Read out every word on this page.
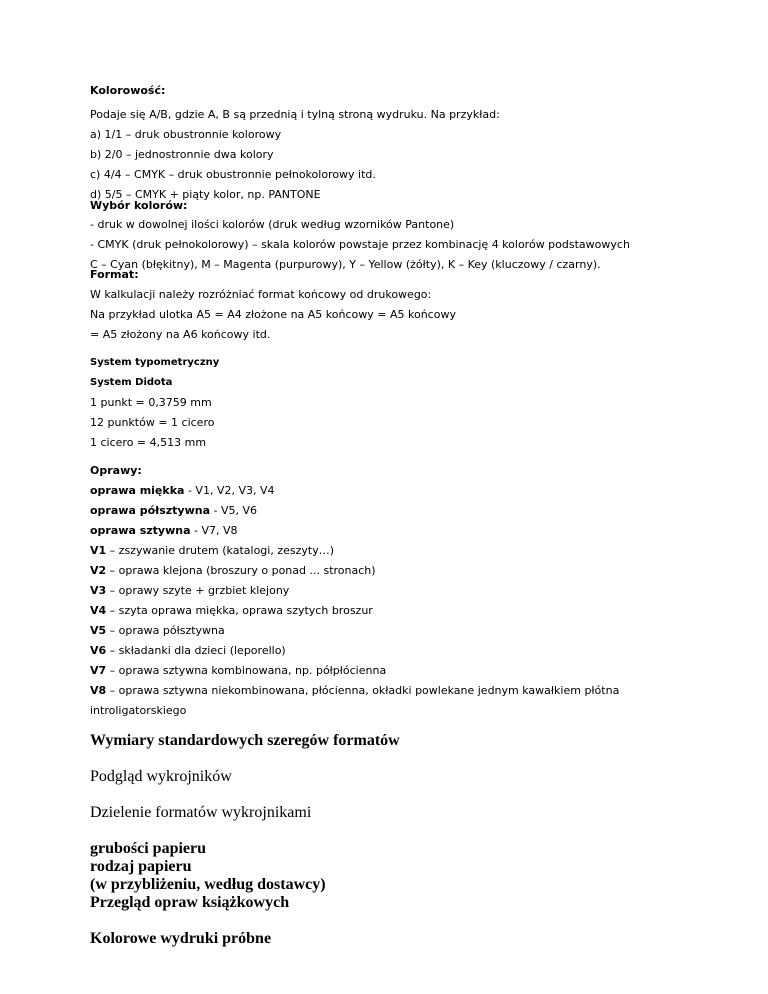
Kolorowość:
Podaje się A/B, gdzie A, B są przednią i tylną stroną wydruku. Na przykład:
a) 1/1 – druk obustronnie kolorowy
b) 2/0 – jednostronnie dwa kolory
c) 4/4 – CMYK – druk obustronnie pełnokolorowy itd.
d) 5/5 – CMYK + piąty kolor, np. PANTONE
Wybór kolorów:
- druk w dowolnej ilości kolorów (druk według wzorników Pantone)
- CMYK (druk pełnokolorowy) – skala kolorów powstaje przez kombinację 4 kolorów podstawowych
C – Cyan (błękitny), M – Magenta (purpurowy), Y – Yellow (żółty), K – Key (kluczowy / czarny).
Format:
W kalkulacji należy rozróżniać format końcowy od drukowego:
Na przykład ulotka A5 = A4 złożone na A5 końcowy = A5 końcowy
= A5 złożony na A6 końcowy itd.
System typometryczny
System Didota
1 punkt = 0,3759 mm
12 punktów = 1 cicero
1 cicero = 4,513 mm
Oprawy:
oprawa miękka - V1, V2, V3, V4
oprawa półsztywna - V5, V6
oprawa sztywna - V7, V8
V1 – zszywanie drutem (katalogi, zeszyty…)
V2 – oprawa klejona (broszury o ponad ... stronach)
V3 – oprawy szyte + grzbiet klejony
V4 – szyta oprawa miękka, oprawa szytych broszur
V5 – oprawa półsztywna
V6 – składanki dla dzieci (leporello)
V7 – oprawa sztywna kombinowana, np. półpłócienna
V8 – oprawa sztywna niekombinowana, płócienna, okładki powlekane jednym kawałkiem płótna
introligatorskiego
Wymiary standardowych szeregów formatów
Podgląd wykrojników
Dzielenie formatów wykrojnikami
grubości papieru
rodzaj papieru
(w przybliżeniu, według dostawcy)
Przegląd opraw książkowych
Kolorowe wydruki próbne
